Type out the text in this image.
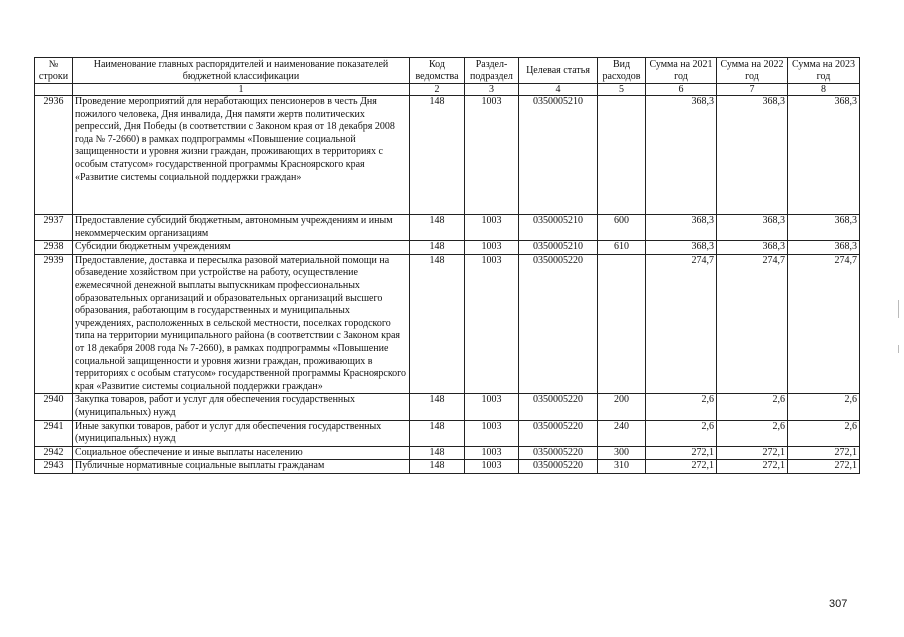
№ строки	Наименование главных распорядителей и наименование показателей бюджетной классификации	Код ведомства	Раздел-подраздел	Целевая статья	Вид расходов	Сумма на 2021 год	Сумма на 2022 год	Сумма на 2023 год
	1	2	3	4	5	6	7	8
2936	Проведение мероприятий для неработающих пенсионеров в честь Дня пожилого человека, Дня инвалида, Дня памяти жертв политических репрессий, Дня Победы (в соответствии с Законом края от 18 декабря 2008 года № 7-2660) в рамках подпрограммы «Повышение социальной защищенности и уровня жизни граждан, проживающих в территориях с особым статусом» государственной программы Красноярского края «Развитие системы социальной поддержки граждан»	148	1003	0350005210		368,3	368,3	368,3
2937	Предоставление субсидий бюджетным, автономным учреждениям и иным некоммерческим организациям	148	1003	0350005210	600	368,3	368,3	368,3
2938	Субсидии бюджетным учреждениям	148	1003	0350005210	610	368,3	368,3	368,3
2939	Предоставление, доставка и пересылка разовой материальной помощи на обзаведение хозяйством при устройстве на работу, осуществление ежемесячной денежной выплаты выпускникам профессиональных образовательных организаций и образовательных организаций высшего образования, работающим в государственных и муниципальных учреждениях, расположенных в сельской местности, поселках городского типа на территории муниципального района (в соответствии с Законом края от 18 декабря 2008 года № 7-2660), в рамках подпрограммы «Повышение социальной защищенности и уровня жизни граждан, проживающих в территориях с особым статусом» государственной программы Красноярского края «Развитие системы социальной поддержки граждан»	148	1003	0350005220		274,7	274,7	274,7
2940	Закупка товаров, работ и услуг для обеспечения государственных (муниципальных) нужд	148	1003	0350005220	200	2,6	2,6	2,6
2941	Иные закупки товаров, работ и услуг для обеспечения государственных (муниципальных) нужд	148	1003	0350005220	240	2,6	2,6	2,6
2942	Социальное обеспечение и иные выплаты населению	148	1003	0350005220	300	272,1	272,1	272,1
2943	Публичные нормативные социальные выплаты гражданам	148	1003	0350005220	310	272,1	272,1	272,1
307
